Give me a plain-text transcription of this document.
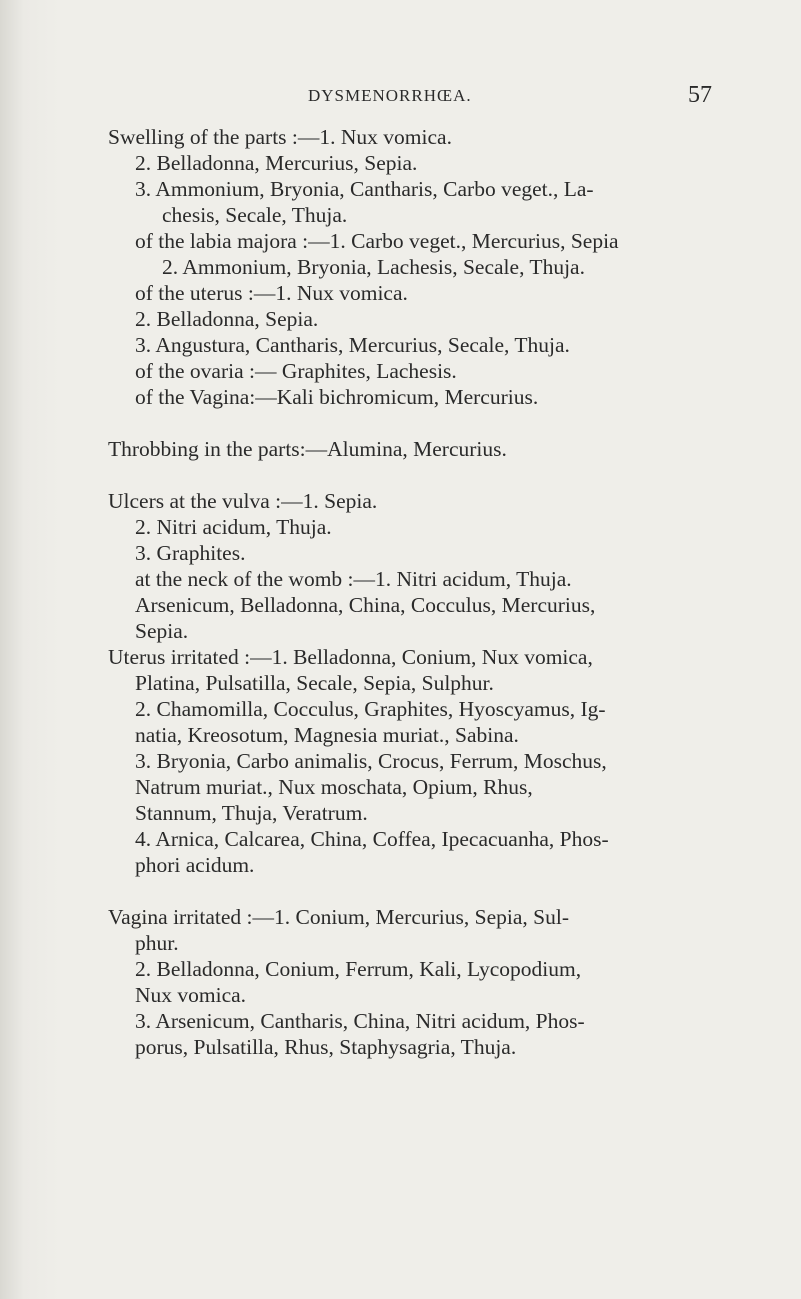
DYSMENORRHŒA.	57
Swelling of the parts :—1. Nux vomica.
2. Belladonna, Mercurius, Sepia.
3. Ammonium, Bryonia, Cantharis, Carbo veget., La-
chesis, Secale, Thuja.
of the labia majora :—1. Carbo veget., Mercurius, Sepia
2. Ammonium, Bryonia, Lachesis, Secale, Thuja.
of the uterus :—1. Nux vomica.
2. Belladonna, Sepia.
3. Angustura, Cantharis, Mercurius, Secale, Thuja.
of the ovaria :— Graphites, Lachesis.
of the Vagina:—Kali bichromicum, Mercurius.
Throbbing in the parts:—Alumina, Mercurius.
Ulcers at the vulva :—1. Sepia.
2. Nitri acidum, Thuja.
3. Graphites.
at the neck of the womb :—1. Nitri acidum, Thuja.
Arsenicum, Belladonna, China, Cocculus, Mercurius,
Sepia.
Uterus irritated :—1. Belladonna, Conium, Nux vomica,
Platina, Pulsatilla, Secale, Sepia, Sulphur.
2. Chamomilla, Cocculus, Graphites, Hyoscyamus, Ig-
natia, Kreosotum, Magnesia muriat., Sabina.
3. Bryonia, Carbo animalis, Crocus, Ferrum, Moschus,
Natrum muriat., Nux moschata, Opium, Rhus,
Stannum, Thuja, Veratrum.
4. Arnica, Calcarea, China, Coffea, Ipecacuanha, Phos-
phori acidum.
Vagina irritated :—1. Conium, Mercurius, Sepia, Sul-
phur.
2. Belladonna, Conium, Ferrum, Kali, Lycopodium,
Nux vomica.
3. Arsenicum, Cantharis, China, Nitri acidum, Phos-
porus, Pulsatilla, Rhus, Staphysagria, Thuja.
